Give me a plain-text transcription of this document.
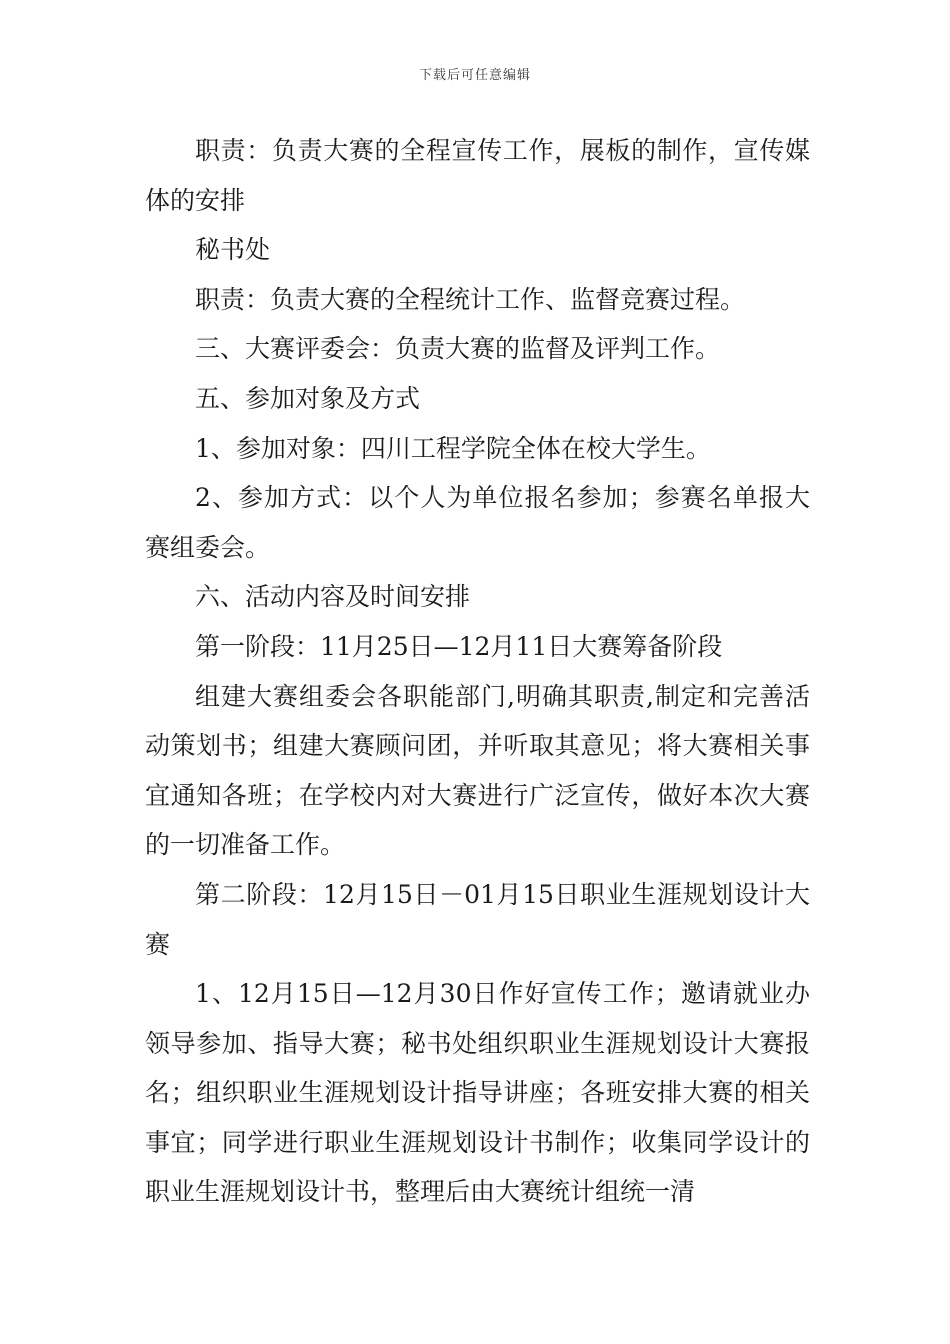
下载后可任意编辑

职责：负责大赛的全程宣传工作，展板的制作，宣传媒体的安排

秘书处

职责：负责大赛的全程统计工作、监督竞赛过程。

三、大赛评委会：负责大赛的监督及评判工作。

五、参加对象及方式

1、参加对象：四川工程学院全体在校大学生。

2、参加方式：以个人为单位报名参加；参赛名单报大赛组委会。

六、活动内容及时间安排

第一阶段：11月25日—12月11日大赛筹备阶段

组建大赛组委会各职能部门,明确其职责,制定和完善活动策划书；组建大赛顾问团，并听取其意见；将大赛相关事宜通知各班；在学校内对大赛进行广泛宣传，做好本次大赛的一切准备工作。

第二阶段：12月15日－01月15日职业生涯规划设计大赛

1、12月15日—12月30日作好宣传工作；邀请就业办领导参加、指导大赛；秘书处组织职业生涯规划设计大赛报名；组织职业生涯规划设计指导讲座；各班安排大赛的相关事宜；同学进行职业生涯规划设计书制作；收集同学设计的职业生涯规划设计书，整理后由大赛统计组统一清
